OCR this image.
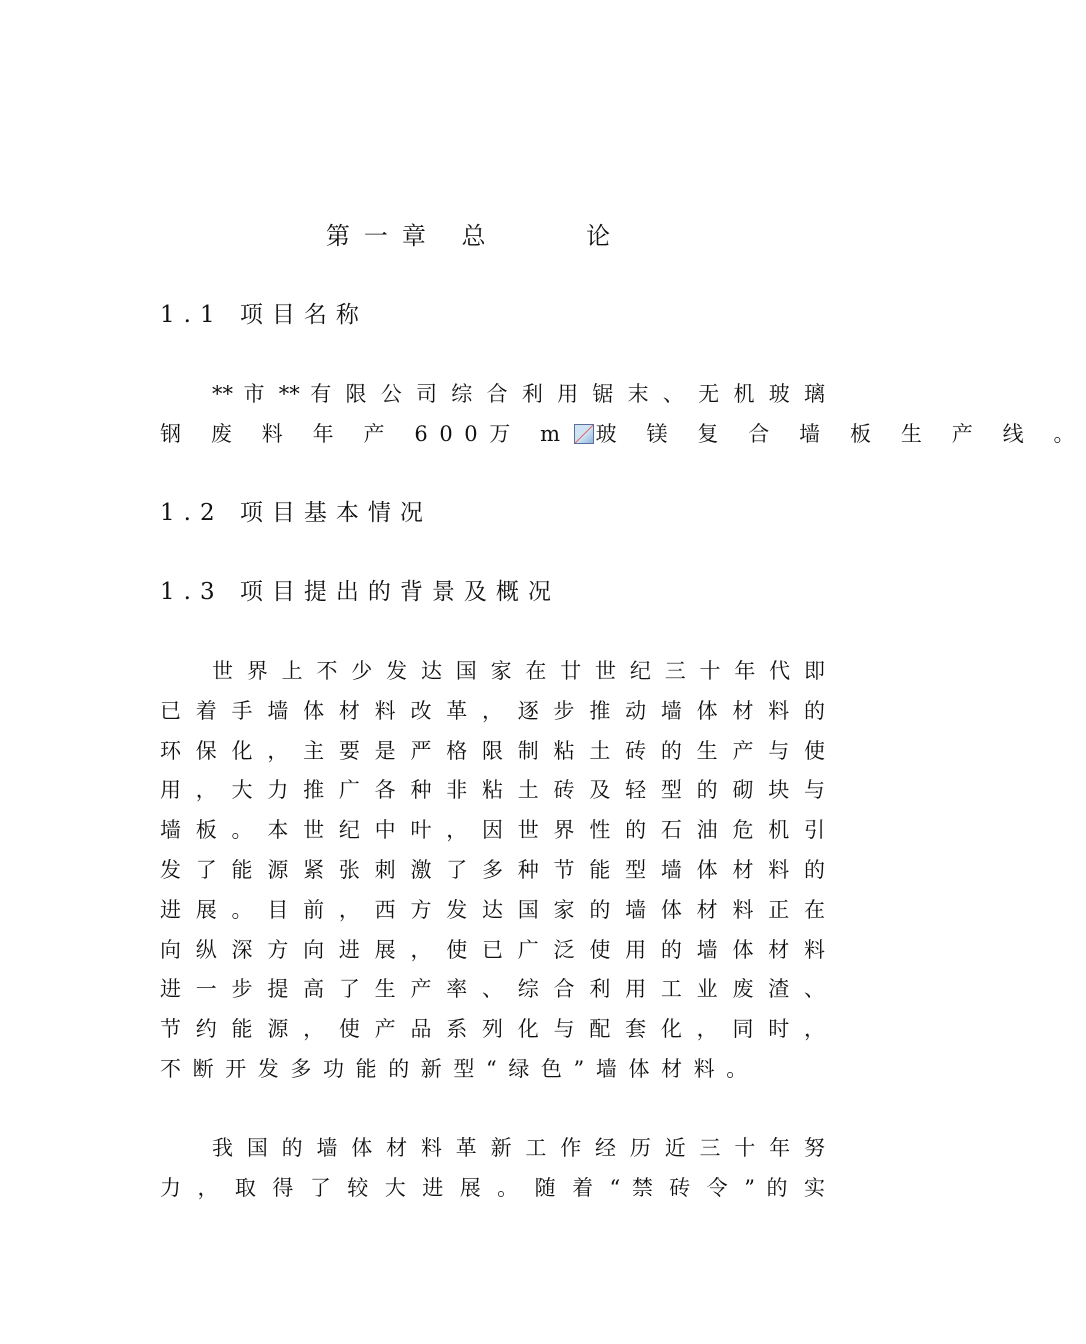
第一章 总    论
1.1 项目名称
** 市 ** 有 限 公 司 综 合 利 用 锯 末 、 无 机 玻 璃
钢 废 料 年 产 600万 m 玻 镁 复 合 墙 板 生 产 线 。
1.2 项目基本情况
1.3 项目提出的背景及概况
世 界 上 不 少 发 达 国 家 在 廿 世 纪 三 十 年 代 即
已 着 手 墙 体 材 料 改 革 ， 逐 步 推 动 墙 体 材 料 的
环 保 化 ， 主 要 是 严 格 限 制 粘 土 砖 的 生 产 与 使
用 ， 大 力 推 广 各 种 非 粘 土 砖 及 轻 型 的 砌 块 与
墙 板 。 本 世 纪 中 叶 ， 因 世 界 性 的 石 油 危 机 引
发 了 能 源 紧 张 刺 激 了 多 种 节 能 型 墙 体 材 料 的
进 展 。 目 前 ， 西 方 发 达 国 家 的 墙 体 材 料 正 在
向 纵 深 方 向 进 展 ， 使 已 广 泛 使 用 的 墙 体 材 料
进 一 步 提 高 了 生 产 率 、 综 合 利 用 工 业 废 渣 、
节 约 能 源 ， 使 产 品 系 列 化 与 配 套 化 ， 同 时 ，
不断开发多功能的新型“绿色”墙体材料。
我 国 的 墙 体 材 料 革 新 工 作 经 历 近 三 十 年 努
力 ， 取 得 了 较 大 进 展 。 随 着 “ 禁 砖 令 ” 的 实
